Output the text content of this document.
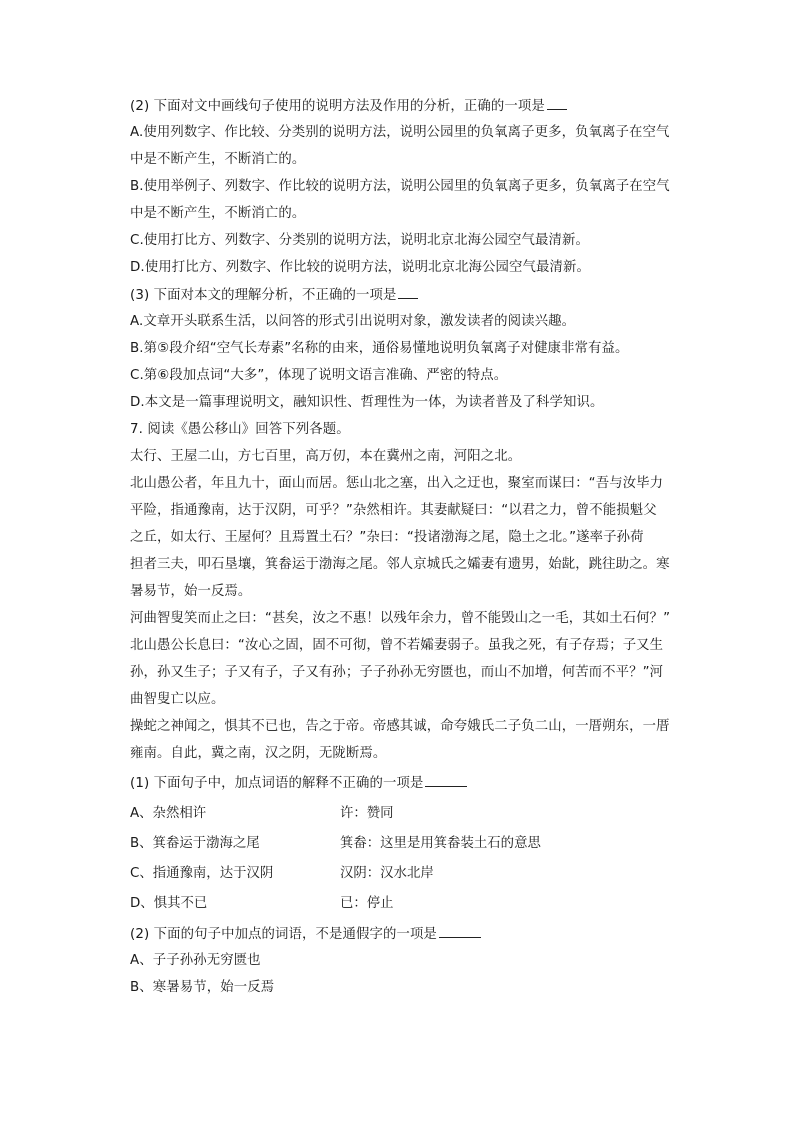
(2) 下面对文中画线句子使用的说明方法及作用的分析，正确的一项是
A.使用列数字、作比较、分类别的说明方法，说明公园里的负氧离子更多，负氧离子在空气
中是不断产生，不断消亡的。
B.使用举例子、列数字、作比较的说明方法，说明公园里的负氧离子更多，负氧离子在空气
中是不断产生，不断消亡的。
C.使用打比方、列数字、分类别的说明方法，说明北京北海公园空气最清新。
D.使用打比方、列数字、作比较的说明方法，说明北京北海公园空气最清新。
(3) 下面对本文的理解分析，不正确的一项是
A.文章开头联系生活，以问答的形式引出说明对象，激发读者的阅读兴趣。
B.第⑤段介绍“空气长寿素”名称的由来，通俗易懂地说明负氧离子对健康非常有益。
C.第⑥段加点词“大多”，体现了说明文语言准确、严密的特点。
D.本文是一篇事理说明文，融知识性、哲理性为一体，为读者普及了科学知识。
7. 阅读《愚公移山》回答下列各题。
太行、王屋二山，方七百里，高万仞，本在冀州之南，河阳之北。
北山愚公者，年且九十，面山而居。惩山北之塞，出入之迂也，聚室而谋曰：“吾与汝毕力
平险，指通豫南，达于汉阴，可乎？”杂然相许。其妻献疑曰：“以君之力，曾不能损魁父
之丘，如太行、王屋何？且焉置土石？”杂曰：“投诸渤海之尾，隐土之北。”遂率子孙荷
担者三夫，叩石垦壤，箕畚运于渤海之尾。邻人京城氏之孀妻有遗男，始龀，跳往助之。寒
暑易节，始一反焉。
河曲智叟笑而止之曰：“甚矣，汝之不惠！以残年余力，曾不能毁山之一毛，其如土石何？”
北山愚公长息曰：“汝心之固，固不可彻，曾不若孀妻弱子。虽我之死，有子存焉；子又生
孙，孙又生子；子又有子，子又有孙；子子孙孙无穷匮也，而山不加增，何苦而不平？”河
曲智叟亡以应。
操蛇之神闻之，惧其不已也，告之于帝。帝感其诚，命夸娥氏二子负二山，一厝朔东，一厝
雍南。自此，冀之南，汉之阴，无陇断焉。
(1) 下面句子中，加点词语的解释不正确的一项是
A、杂然相许	许：赞同
B、箕畚运于渤海之尾	箕畚：这里是用箕畚装土石的意思
C、指通豫南，达于汉阴	汉阴：汉水北岸
D、惧其不已	已：停止
(2) 下面的句子中加点的词语，不是通假字的一项是
A、子子孙孙无穷匮也
B、寒暑易节，始一反焉
